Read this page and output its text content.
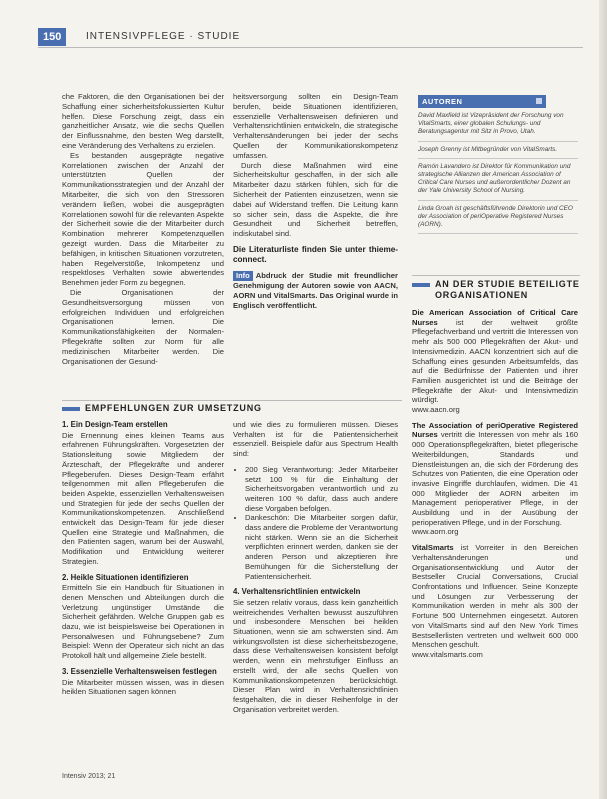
150	INTENSIVPFLEGE · STUDIE

che Faktoren, die den Organisationen bei der Schaffung einer sicherheitsfokussierten Kultur helfen. Diese Forschung zeigt, dass ein ganzheitlicher Ansatz, wie die sechs Quellen der Einflussnahme, den besten Weg darstellt, eine Veränderung des Verhaltens zu erzielen.

Es bestanden ausgeprägte negative Korrelationen zwischen der Anzahl der unterstützten Quellen der Kommunikationsstrategien und der Anzahl der Mitarbeiter, die sich von den Stressoren verändern ließen, wobei die ausgeprägten Korrelationen sowohl für die relevanten Aspekte der Sicherheit sowie die der Mitarbeiter durch Kombination mehrerer Kompetenzquellen gezeigt wurden. Dass die Mitarbeiter zu befähigen, in kritischen Situationen vorzutreten, haben Regelverstöße, Inkompetenz und respektloses Verhalten sowie abwertendes Benehmen jeder Form zu begegnen.

Die Organisationen der Gesundheitsversorgung müssen von erfolgreichen Individuen und erfolgreichen Organisationen lernen. Die Kommunikationsfähigkeiten der Normalen-Pflegekräfte sollten zur Norm für alle medizinischen Mitarbeiter werden. Die Organisationen der Gesund-

heitsversorgung sollten ein Design-Team berufen, beide Situationen identifizieren, essenzielle Verhaltensweisen definieren und Verhaltensrichtlinien entwickeln, die strategische Verhaltensänderungen bei jeder der sechs Quellen der Kommunikationskompetenz umfassen.

Durch diese Maßnahmen wird eine Sicherheitskultur geschaffen, in der sich alle Mitarbeiter dazu stärken fühlen, sich für die Sicherheit der Patienten einzusetzen, wenn sie dabei auf Widerstand treffen. Die Leitung kann so sicher sein, dass die Aspekte, die ihre Gesundheit und Sicherheit betreffen, indiskutabel sind.

Die Literaturliste finden Sie unter thieme-connect.
Info Abdruck der Studie mit freundlicher Genehmigung der Autoren sowie von AACN, AORN und VitalSmarts. Das Original wurde in Englisch veröffentlicht.
AUTOREN
David Maxfield ist Vizepräsident der Forschung von VitalSmarts, einer globalen Schulungs- und Beratungsagentur mit Sitz in Provo, Utah.
Joseph Grenny ist Mitbegründer von VitalSmarts.
Ramón Lavandero ist Direktor für Kommunikation und strategische Allianzen der American Association of Critical Care Nurses und außerordentlicher Dozent an der Yale University School of Nursing.
Linda Groah ist geschäftsführende Direktorin und CEO der Association of periOperative Registered Nurses (AORN).
AN DER STUDIE BETEILIGTE ORGANISATIONEN

Die American Association of Critical Care Nurses ist der weltweit größte Pflegefachverband und vertritt die Interessen von mehr als 500 000 Pflegekräften der Akut- und Intensivmedizin. AACN konzentriert sich auf die Schaffung eines gesunden Arbeitsumfelds, das auf die Bedürfnisse der Patienten und ihrer Familien ausgerichtet ist und die Beiträge der Pflegekräfte der Akut- und Intensivmedizin würdigt.
www.aacn.org

The Association of periOperative Registered Nurses vertritt die Interessen von mehr als 160 000 Operationspflegekräften, bietet pflegerische Weiterbildungen, Standards und Dienstleistungen an, die sich der Förderung des Schutzes von Patienten, die eine Operation oder invasive Eingriffe durchlaufen, widmen. Die 41 000 Mitglieder der AORN arbeiten im Management perioperativer Pflege, in der Ausbildung und in der Ausübung der perioperativen Pflege, und in der Forschung.
www.aorn.org

VitalSmarts ist Vorreiter in den Bereichen Verhaltensänderungen und Organisationsentwicklung und Autor der Bestseller Crucial Conversations, Crucial Confrontations und Influencer. Seine Konzepte und Lösungen zur Verbesserung der Kommunikation werden in mehr als 300 der Fortune 500 Unternehmen eingesetzt. Autoren von VitalSmarts sind auf den New York Times Bestsellerlisten vertreten und weltweit 600 000 Menschen geschult.
www.vitalsmarts.com

EMPFEHLUNGEN ZUR UMSETZUNG
1. Ein Design-Team erstellen

Die Ernennung eines kleinen Teams aus erfahrenen Führungskräften. Vorgesetzten der Stationsleitung sowie Mitgliedern der Ärzteschaft, der Pflegekräfte und anderer Pflegeberufen. Dieses Design-Team erfährt teilgenommen mit allen Pflegeberufen die beiden Aspekte, essenziellen Verhaltensweisen und Strategien für jede der sechs Quellen der Kommunikationskompetenzen. Anschließend entwickelt das Design-Team für jede dieser Quellen eine Strategie und Maßnahmen, die den Patienten sagen, warum bei der Auswahl, Modifikation und Entwicklung weiterer Strategien.

2. Heikle Situationen identifizieren

Ermitteln Sie ein Handbuch für Situationen in denen Menschen und Abteilungen durch die Verletzung ungünstiger Umstände die Sicherheit gefährden. Welche Gruppen gab es dazu, wie ist beispielsweise bei Operationen in Personalwesen und Führungsebene? Zum Beispiel: Wenn der Operateur sich nicht an das Protokoll hält und allgemeine Ziele bestellt.

3. Essenzielle Verhaltensweisen festlegen

Die Mitarbeiter müssen wissen, was in diesen heiklen Situationen sagen können

und wie dies zu formulieren müssen. Dieses Verhalten ist für die Patientensicherheit essenziell. Beispiele dafür aus Spectrum Health sind:

• 200 Sieg Verantwortung: Jeder Mitarbeiter setzt 100 % für die Einhaltung der Sicherheitsvorgaben verantwortlich und zu weiteren 100 % dafür, dass auch andere diese Vorgaben befolgen.
• Dankeschön: Die Mitarbeiter sorgen dafür, dass andere die Probleme der Verantwortung nicht stärken. Wenn sie an die Sicherheit verpflichten erinnert werden, danken sie der anderen Person und akzeptieren ihre Bemühungen für die Sicherstellung der Patientensicherheit.
4. Verhaltensrichtlinien entwickeln

Sie setzen relativ voraus, dass kein ganzheitlich weitreichendes Verhalten bewusst auszuführen und insbesondere Menschen bei heiklen Situationen, wenn sie am schwersten sind. Am wirkungsvollsten ist diese sicherheitsbezogene, dass diese Verhaltensweisen konsistent befolgt werden, wenn ein mehrstufiger Einfluss an erstellt wird, der alle sechs Quellen von Kommunikationskompetenzen berücksichtigt. Dieser Plan wird in Verhaltensrichtlinien festgehalten, die in dieser Reihenfolge in der Organisation verbreitet werden.

Intensiv 2013; 21
